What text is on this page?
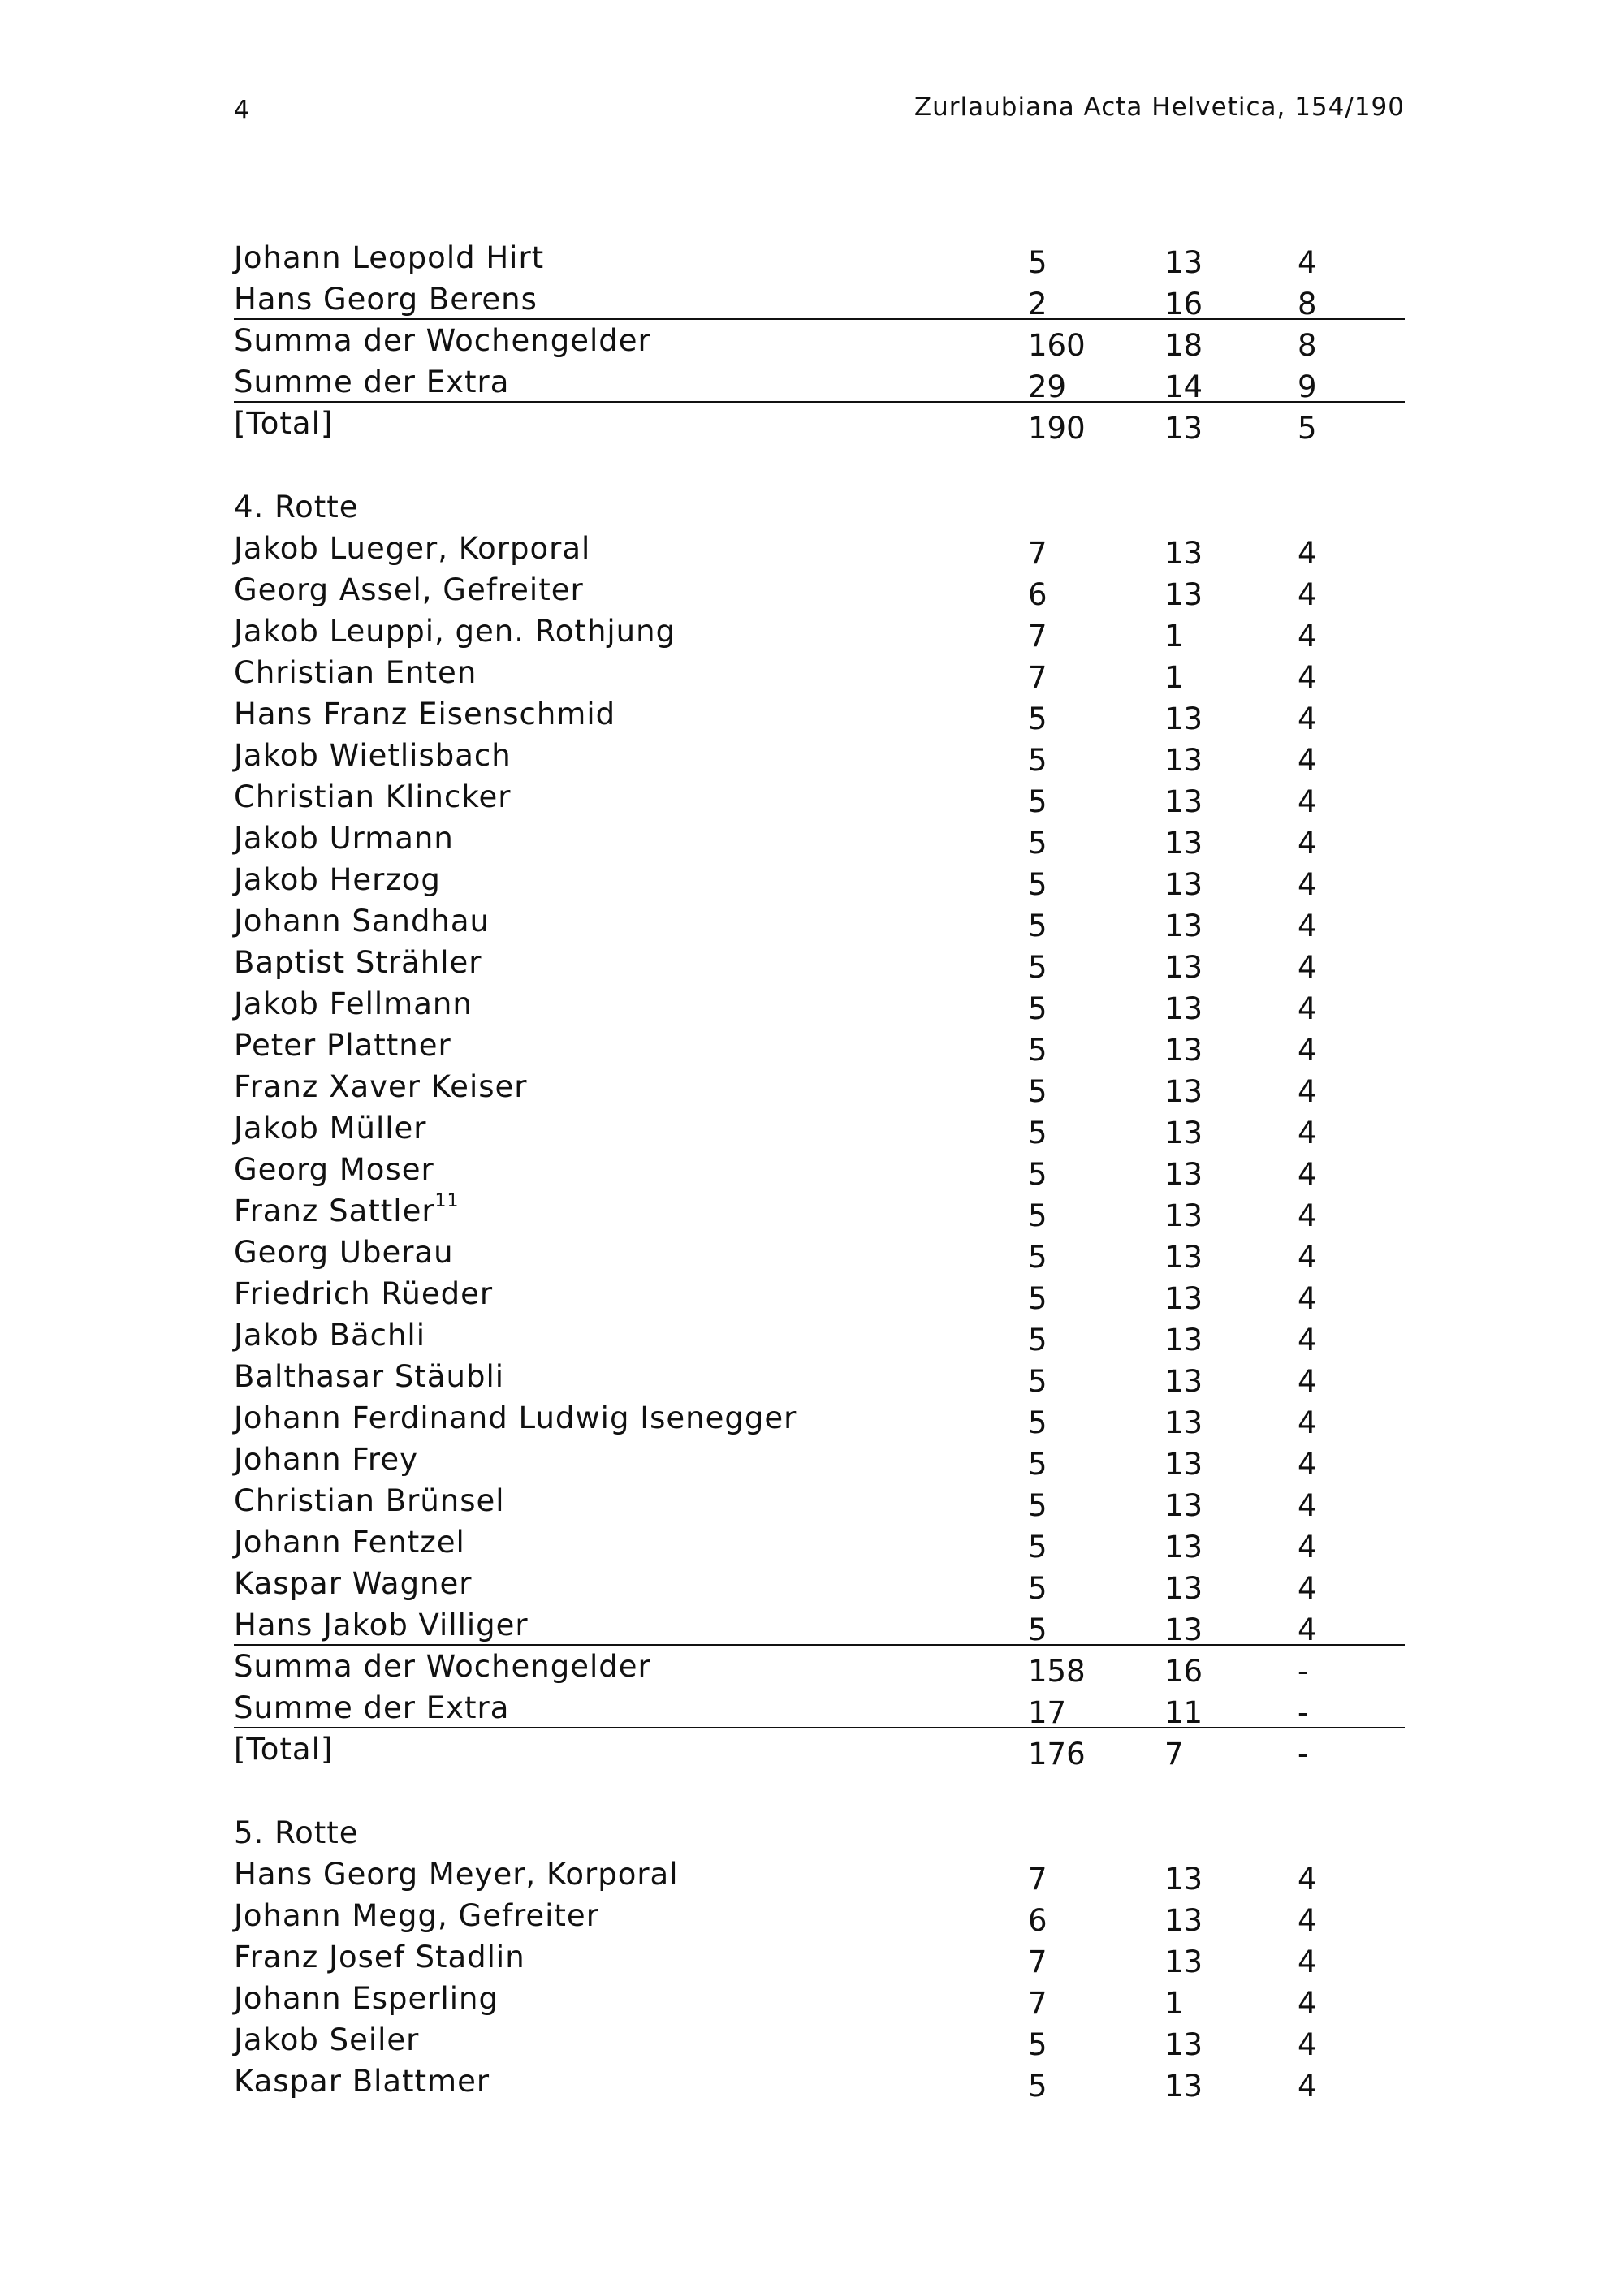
4	Zurlaubiana Acta Helvetica, 154/190
Johann Leopold Hirt	5	13	4
Hans Georg Berens	2	16	8
Summa der Wochengelder	160	18	8
Summe der Extra	29	14	9
[Total]	190	13	5
4. Rotte
Jakob Lueger, Korporal	7	13	4
Georg Assel, Gefreiter	6	13	4
Jakob Leuppi, gen. Rothjung	7	1	4
Christian Enten	7	1	4
Hans Franz Eisenschmid	5	13	4
Jakob Wietlisbach	5	13	4
Christian Klincker	5	13	4
Jakob Urmann	5	13	4
Jakob Herzog	5	13	4
Johann Sandhau	5	13	4
Baptist Strähler	5	13	4
Jakob Fellmann	5	13	4
Peter Plattner	5	13	4
Franz Xaver Keiser	5	13	4
Jakob Müller	5	13	4
Georg Moser	5	13	4
Franz Sattler$^{11}$	5	13	4
Georg Uberau	5	13	4
Friedrich Rüeder	5	13	4
Jakob Bächli	5	13	4
Balthasar Stäubli	5	13	4
Johann Ferdinand Ludwig Isenegger	5	13	4
Johann Frey	5	13	4
Christian Brünsel	5	13	4
Johann Fentzel	5	13	4
Kaspar Wagner	5	13	4
Hans Jakob Villiger	5	13	4
Summa der Wochengelder	158	16	-
Summe der Extra	17	11	-
[Total]	176	7	-
5. Rotte
Hans Georg Meyer, Korporal	7	13	4
Johann Megg, Gefreiter	6	13	4
Franz Josef Stadlin	7	13	4
Johann Esperling	7	1	4
Jakob Seiler	5	13	4
Kaspar Blattmer	5	13	4
